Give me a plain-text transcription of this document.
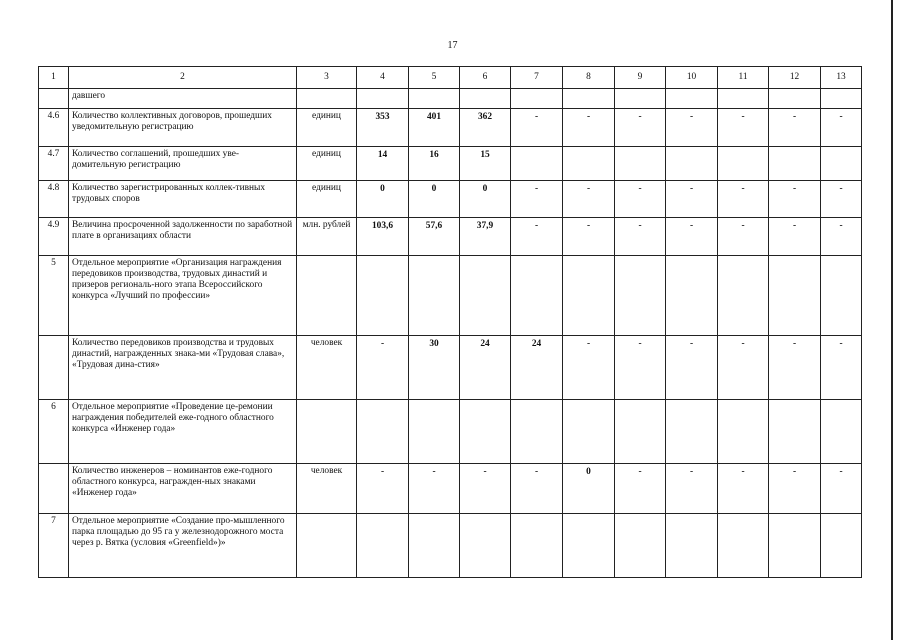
17
1	2	3	4	5	6	7	8	9	10	11	12	13
	давшего											
4.6	Количество коллективных договоров, прошедших уведомительную регистрацию	единиц	353	401	362	-	-	-	-	-	-	-
4.7	Количество соглашений, прошедших уве-домительную регистрацию	единиц	14	16	15							
4.8	Количество зарегистрированных коллек-тивных трудовых споров	единиц	0	0	0	-	-	-	-	-	-	-
4.9	Величина просроченной задолженности по заработной плате в организациях области	млн. рублей	103,6	57,6	37,9	-	-	-	-	-	-	-
5	Отдельное мероприятие «Организация награждения передовиков производства, трудовых династий и призеров региональ-ного этапа Всероссийского конкурса «Лучший по профессии»											
	Количество передовиков производства и трудовых династий, награжденных знака-ми «Трудовая слава», «Трудовая дина-стия»	человек	-	30	24	24	-	-	-	-	-	-
6	Отдельное мероприятие «Проведение це-ремонии награждения победителей еже-годного областного конкурса «Инженер года»											
	Количество инженеров – номинантов еже-годного областного конкурса, награжден-ных знаками «Инженер года»	человек	-	-	-	-	0	-	-	-	-	-
7	Отдельное мероприятие «Создание про-мышленного парка площадью до 95 га у железнодорожного моста через р. Вятка (условия «Greenfield»)»											
